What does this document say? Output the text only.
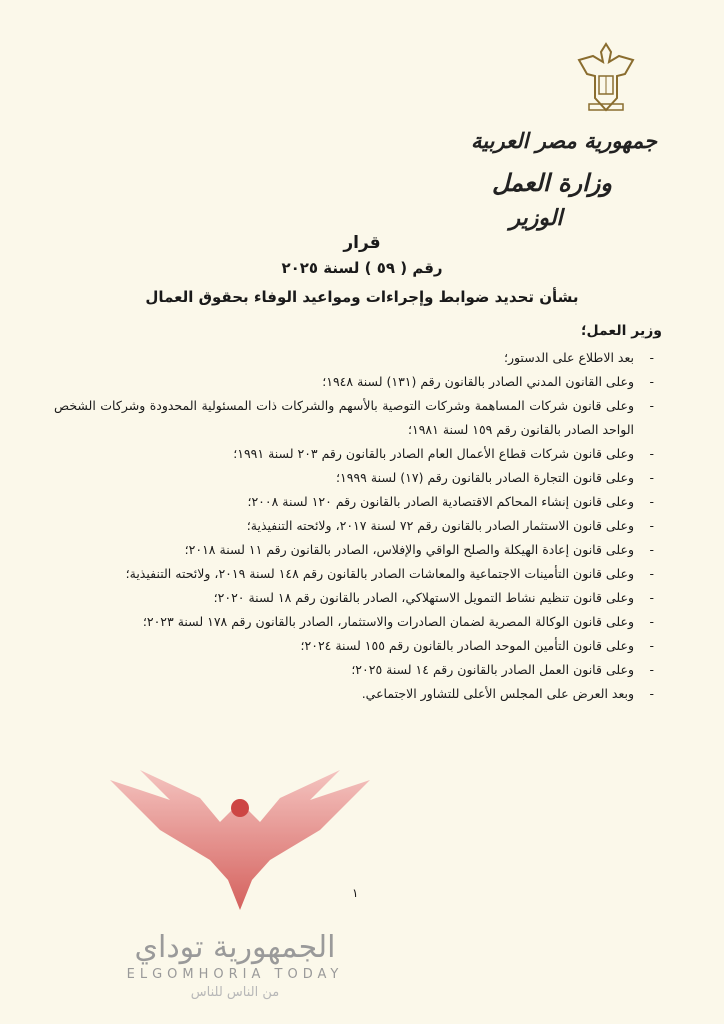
جمهورية مصر العربية
وزارة العمل
الوزير
قرار
رقم ( ٥٩ ) لسنة ٢٠٢٥
بشأن تحديد ضوابط وإجراءات ومواعيد الوفاء بحقوق العمال
وزير العمل؛
- بعد الاطلاع على الدستور؛
- وعلى القانون المدني الصادر بالقانون رقم (١٣١) لسنة ١٩٤٨؛
- وعلى قانون شركات المساهمة وشركات التوصية بالأسهم والشركات ذات المسئولية المحدودة وشركات الشخص الواحد الصادر بالقانون رقم ١٥٩ لسنة ١٩٨١؛
- وعلى قانون شركات قطاع الأعمال العام الصادر بالقانون رقم ٢٠٣ لسنة ١٩٩١؛
- وعلى قانون التجارة الصادر بالقانون رقم (١٧) لسنة ١٩٩٩؛
- وعلى قانون إنشاء المحاكم الاقتصادية الصادر بالقانون رقم ١٢٠ لسنة ٢٠٠٨؛
- وعلى قانون الاستثمار الصادر بالقانون رقم ٧٢ لسنة ٢٠١٧، ولائحته التنفيذية؛
- وعلى قانون إعادة الهيكلة والصلح الواقي والإفلاس، الصادر بالقانون رقم ١١ لسنة ٢٠١٨؛
- وعلى قانون التأمينات الاجتماعية والمعاشات الصادر بالقانون رقم ١٤٨ لسنة ٢٠١٩، ولائحته التنفيذية؛
- وعلى قانون تنظيم نشاط التمويل الاستهلاكي، الصادر بالقانون رقم ١٨ لسنة ٢٠٢٠؛
- وعلى قانون الوكالة المصرية لضمان الصادرات والاستثمار، الصادر بالقانون رقم ١٧٨ لسنة ٢٠٢٣؛
- وعلى قانون التأمين الموحد الصادر بالقانون رقم ١٥٥ لسنة ٢٠٢٤؛
- وعلى قانون العمل الصادر بالقانون رقم ١٤ لسنة ٢٠٢٥؛
- وبعد العرض على المجلس الأعلى للتشاور الاجتماعي.
١
الجمهورية توداي
ELGOMHORIA TODAY
من الناس للناس
